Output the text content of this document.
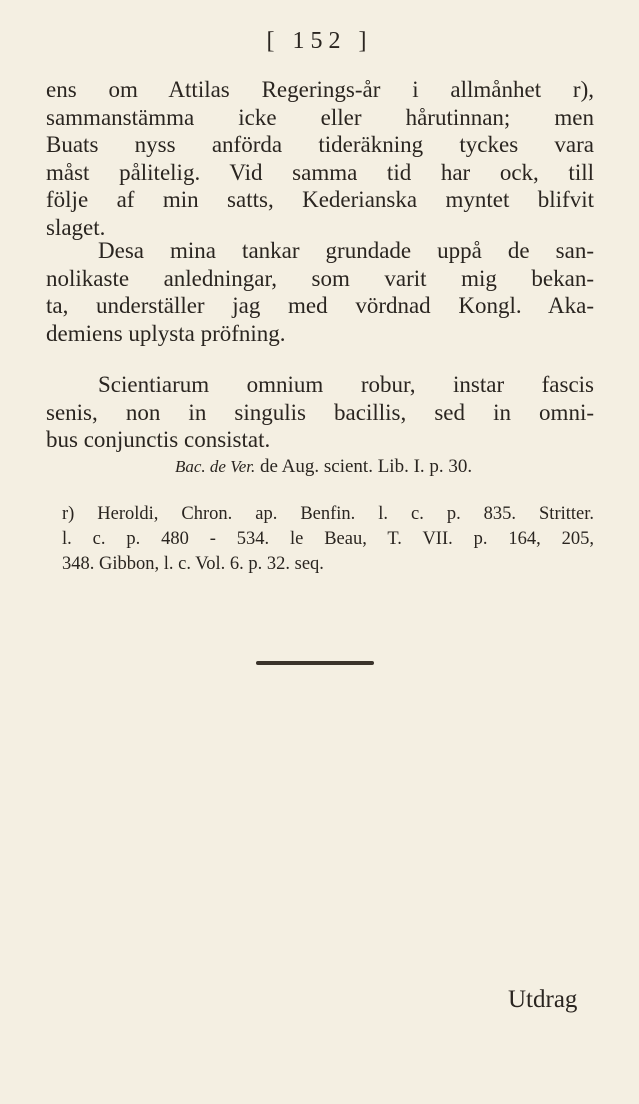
[ 152 ]
ens om Attilas Regerings-år i allmånhet r),
sammanstämma icke eller hårutinnan; men
Buats nyss anförda tideräkning tyckes vara
måst pålitelig. Vid samma tid har ock, till
följe af min satts, Kederianska myntet blifvit
slaget.
Desa mina tankar grundade uppå de san-
nolikaste anledningar, som varit mig bekan-
ta, underställer jag med vördnad Kongl. Aka-
demiens uplysta pröfning.
Scientiarum omnium robur, instar fascis
senis, non in singulis bacillis, sed in omni-
bus conjunctis consistat.
Bac. de Ver. de Aug. scient. Lib. I. p. 30.
r) Heroldi, Chron. ap. Benfin. l. c. p. 835. Stritter.
l. c. p. 480 - 534. le Beau, T. VII. p. 164, 205,
348. Gibbon, l. c. Vol. 6. p. 32. seq.
Utdrag
